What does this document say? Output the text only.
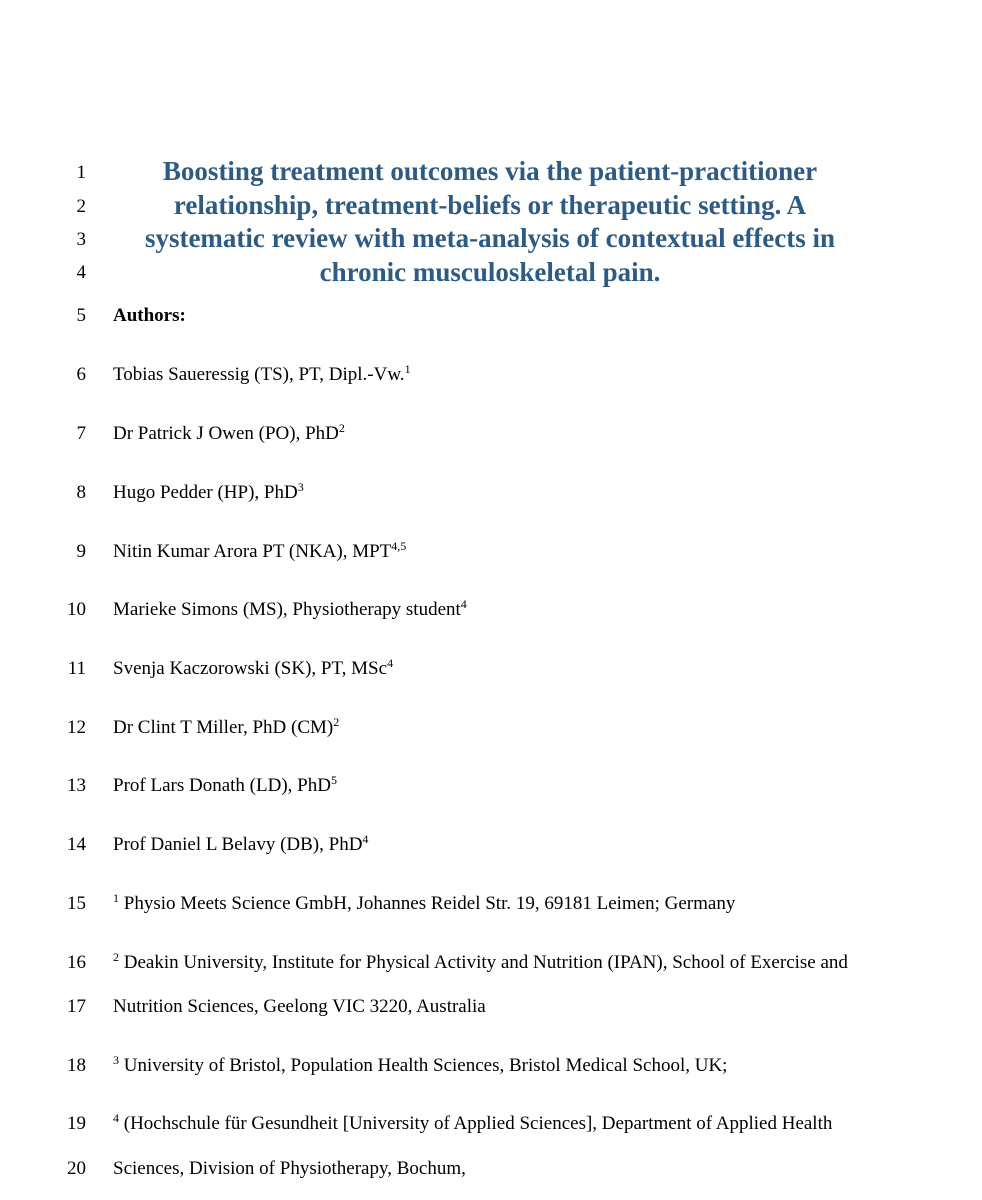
1
2
3
4
5
6
7
8
9
10
11
12
13
14
15
16
17
18
19
20
Boosting treatment outcomes via the patient-practitioner
relationship, treatment-beliefs or therapeutic setting. A
systematic review with meta-analysis of contextual effects in
chronic musculoskeletal pain.
Authors:
Tobias Saueressig (TS), PT, Dipl.-Vw.$^1$
Dr Patrick J Owen (PO), PhD$^2$
Hugo Pedder (HP), PhD$^3$
Nitin Kumar Arora PT (NKA), MPT$^{4,5}$
Marieke Simons (MS), Physiotherapy student$^4$
Svenja Kaczorowski (SK), PT, MSc$^4$
Dr Clint T Miller, PhD (CM)$^2$
Prof Lars Donath (LD), PhD$^5$
Prof Daniel L Belavy (DB), PhD$^4$
$^1$ Physio Meets Science GmbH, Johannes Reidel Str. 19, 69181 Leimen; Germany
$^2$ Deakin University, Institute for Physical Activity and Nutrition (IPAN), School of Exercise and
Nutrition Sciences, Geelong VIC 3220, Australia
$^3$ University of Bristol, Population Health Sciences, Bristol Medical School, UK;
$^4$ (Hochschule für Gesundheit [University of Applied Sciences], Department of Applied Health
Sciences, Division of Physiotherapy, Bochum,
